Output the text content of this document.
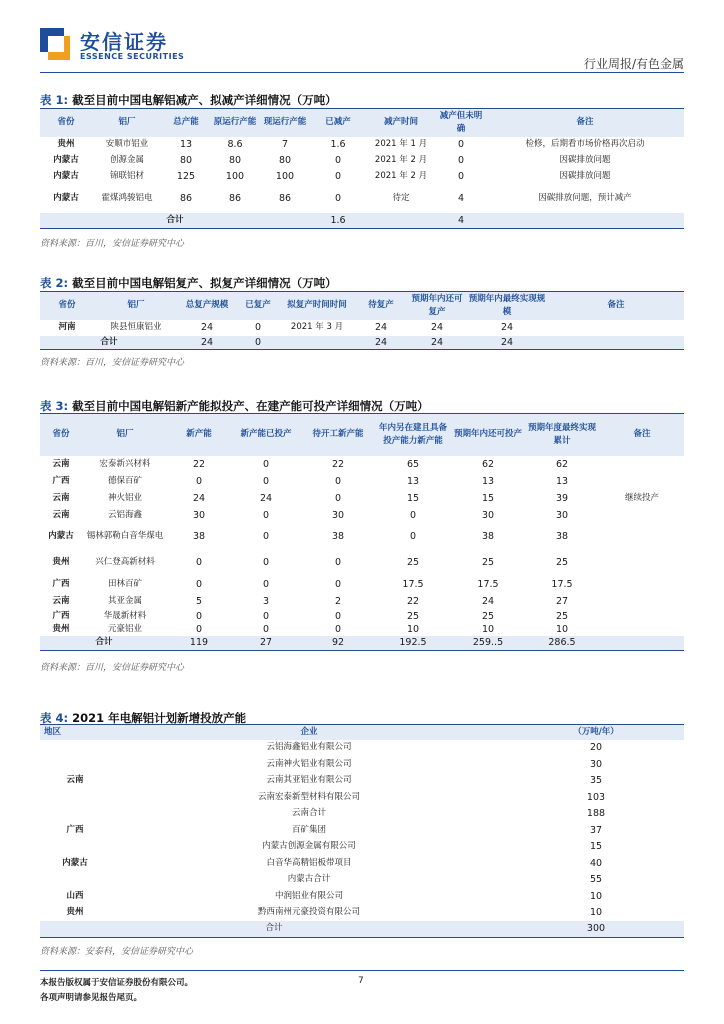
安信证券
ESSENCE SECURITIES
行业周报/有色金属
表 1: 截至目前中国电解铝减产、拟减产详细情况（万吨）
省份	铝厂	总产能	原运行产能	现运行产能	已减产	减产时间	减产但未明确	备注
贵州	安顺市铝业	13	8.6	7	1.6	2021 年 1 月	0	检修，后期看市场价格再次启动
内蒙古	创源金属	80	80	80	0	2021 年 2 月	0	因碳排放问题
内蒙古	锦联铝材	125	100	100	0	2021 年 2 月	0	因碳排放问题
内蒙古	霍煤鸿骏铝电	86	86	86	0	待定	4	因碳排放问题，预计减产
合计					1.6		4	
资料来源：百川，安信证券研究中心
表 2: 截至目前中国电解铝复产、拟复产详细情况（万吨）
省份	铝厂	总复产规模	已复产	拟复产时间时间	待复产	预期年内还可复产	预期年内最终实现规模	备注
河南	陕县恒康铝业	24	0	2021 年 3 月	24	24	24	
合计		24	0		24	24	24	
资料来源：百川，安信证券研究中心
表 3: 截至目前中国电解铝新产能拟投产、在建产能可投产详细情况（万吨）
省份	铝厂	新产能	新产能已投产	待开工新产能	年内另在建且具备投产能力新产能	预期年内还可投产	预期年度最终实现累计	备注
云南	宏泰新兴材料	22	0	22	65	62	62	
广西	德保百矿	0	0	0	13	13	13	
云南	神火铝业	24	24	0	15	15	39	继续投产
云南	云铝海鑫	30	0	30	0	30	30	
内蒙古	锡林郭勒白音华煤电	38	0	38	0	38	38	
贵州	兴仁登高新材料	0	0	0	25	25	25	
广西	田林百矿	0	0	0	17.5	17.5	17.5	
云南	其亚金属	5	3	2	22	24	27	
广西	华晟新材料	0	0	0	25	25	25	
贵州	元豪铝业	0	0	0	10	10	10	
合计		119	27	92	192.5	259..5	286.5	
资料来源：百川，安信证券研究中心
表 4: 2021 年电解铝计划新增投放产能
地区	企业	（万吨/年）
	云铝海鑫铝业有限公司	20
	云南神火铝业有限公司	30
云南	云南其亚铝业有限公司	35
	云南宏泰新型材料有限公司	103
	云南合计	188
广西	百矿集团	37
	内蒙古创源金属有限公司	15
内蒙古	白音华高精铝板带项目	40
	内蒙古合计	55
山西	中润铝业有限公司	10
贵州	黔西南州元豪投资有限公司	10
合计		300
资料来源：安泰科，安信证券研究中心
本报告版权属于安信证券股份有限公司。
各项声明请参见报告尾页。
7
